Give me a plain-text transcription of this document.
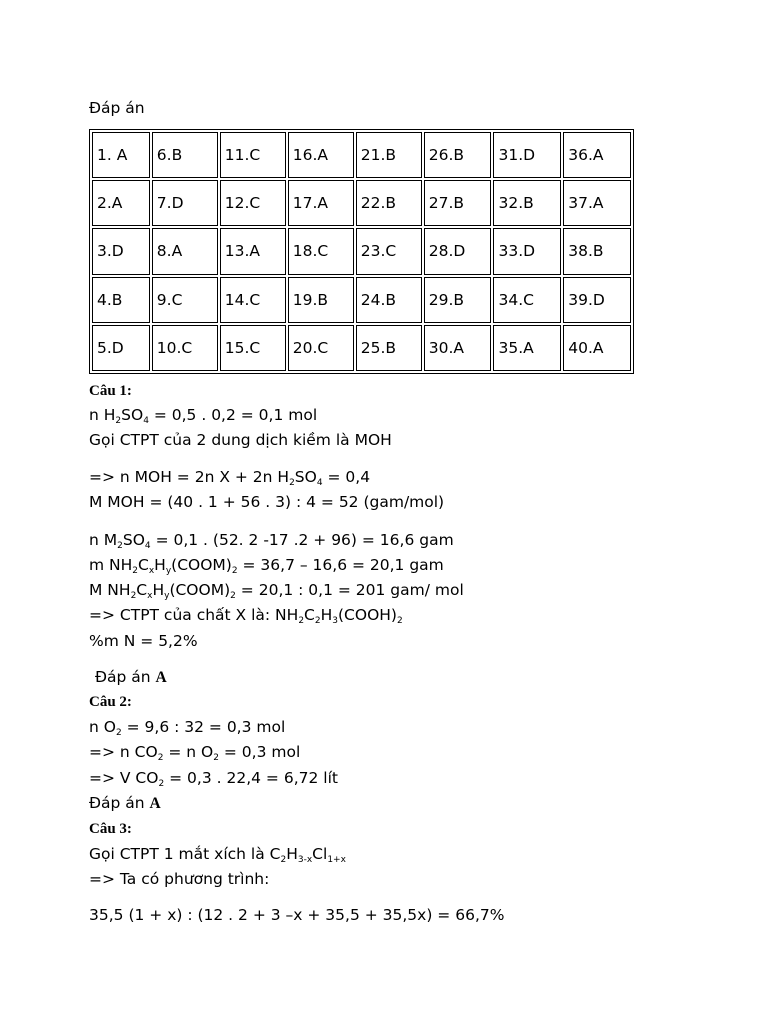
Đáp án
1. A	6.B	11.C	16.A	21.B	26.B	31.D	36.A
2.A	7.D	12.C	17.A	22.B	27.B	32.B	37.A
3.D	8.A	13.A	18.C	23.C	28.D	33.D	38.B
4.B	9.C	14.C	19.B	24.B	29.B	34.C	39.D
5.D	10.C	15.C	20.C	25.B	30.A	35.A	40.A
Câu 1:
n $H_2SO_4 = 0,5$ . 0,2 = 0,1 mol
Gọi CTPT của 2 dung dịch kiềm là MOH
=> n MOH = 2n X + 2n $H_2SO_4 = 0,4$
M MOH = (40 . 1 + 56 . 3) : 4 = 52 (gam/mol)
n $M_2SO_4 = 0,1$ . (52. 2 -17 .2 + 96) = 16,6 gam
m $NH_2C_xH_y(COOM)_2 = 36,7 - 16,6 = 20,1$ gam
M $NH_2C_xH_y(COOM)_2 = 20,1$ : 0,1 = 201 gam/ mol
=> CTPT của chất X là: $NH_2C_2H_3(COOH)_2$
%m N = 5,2%
Đáp án A
Câu 2:
n $O_2 = 9,6$ : 32 = 0,3 mol
=> n $CO_2 = n$ $O_2 = 0,3$ mol
=> V $CO_2 = 0,3$ . 22,4 = 6,72 lít
Đáp án A
Câu 3:
Gọi CTPT 1 mắt xích là $C_2H_{3-x}Cl_{1+x}$
=> Ta có phương trình:
35,5 (1 + x) : (12 . 2 + 3 –x + 35,5 + 35,5x) = 66,7%
